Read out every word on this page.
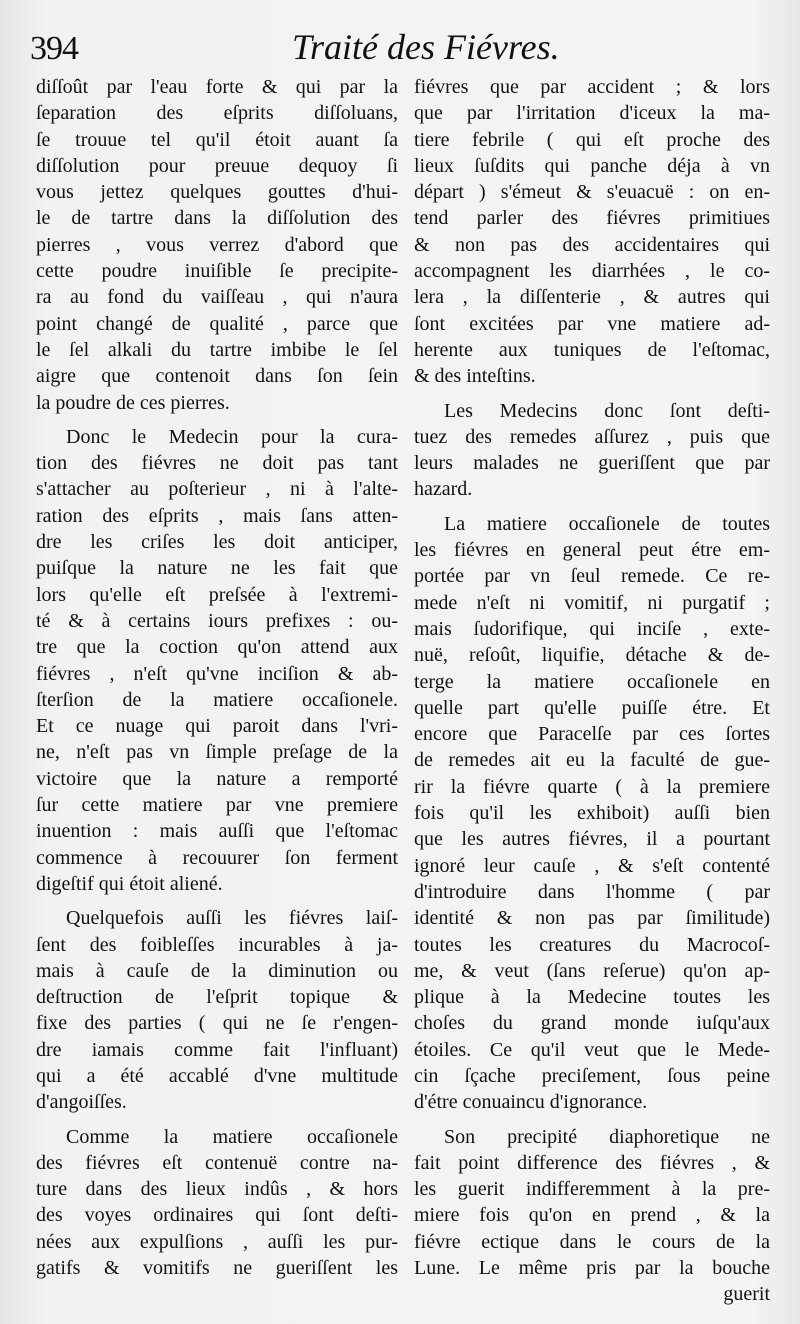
394	Traité des Fiévres.
diſſoût par l'eau forte & qui par la
ſeparation des eſprits diſſoluans,
ſe trouue tel qu'il étoit auant ſa
diſſolution pour preuue dequoy ſi
vous jettez quelques gouttes d'hui-
le de tartre dans la diſſolution des
pierres , vous verrez d'abord que
cette poudre inuiſible ſe precipite-
ra au fond du vaiſſeau , qui n'aura
point changé de qualité , parce que
le ſel alkali du tartre imbibe le ſel
aigre que contenoit dans ſon ſein
la poudre de ces pierres.
Donc le Medecin pour la cura-
tion des fiévres ne doit pas tant
s'attacher au poſterieur , ni à l'alte-
ration des eſprits , mais ſans atten-
dre les criſes les doit anticiper,
puiſque la nature ne les fait que
lors qu'elle eſt preſsée à l'extremi-
té & à certains iours prefixes : ou-
tre que la coction qu'on attend aux
fiévres , n'eſt qu'vne inciſion & ab-
ſterſion de la matiere occaſionele.
Et ce nuage qui paroit dans l'vri-
ne, n'eſt pas vn ſimple preſage de la
victoire que la nature a remporté
ſur cette matiere par vne premiere
inuention : mais auſſi que l'eſtomac
commence à recouurer ſon ferment
digeſtif qui étoit aliené.
Quelquefois auſſi les fiévres laiſ-
ſent des foibleſſes incurables à ja-
mais à cauſe de la diminution ou
deſtruction de l'eſprit topique &
fixe des parties ( qui ne ſe r'engen-
dre iamais comme fait l'influant)
qui a été accablé d'vne multitude
d'angoiſſes.
Comme la matiere occaſionele
des fiévres eſt contenuë contre na-
ture dans des lieux indûs , & hors
des voyes ordinaires qui ſont deſti-
nées aux expulſions , auſſi les pur-
gatifs & vomitifs ne gueriſſent les
fiévres que par accident ; & lors
que par l'irritation d'iceux la ma-
tiere febrile ( qui eſt proche des
lieux ſuſdits qui panche déja à vn
départ ) s'émeut & s'euacuë : on en-
tend parler des fiévres primitiues
& non pas des accidentaires qui
accompagnent les diarrhées , le co-
lera , la diſſenterie , & autres qui
ſont excitées par vne matiere ad-
herente aux tuniques de l'eſtomac,
& des inteſtins.
Les Medecins donc ſont deſti-
tuez des remedes aſſurez , puis que
leurs malades ne gueriſſent que par
hazard.
La matiere occaſionele de toutes
les fiévres en general peut étre em-
portée par vn ſeul remede. Ce re-
mede n'eſt ni vomitif, ni purgatif ;
mais ſudorifique, qui inciſe , exte-
nuë, reſoût, liquifie, détache & de-
terge la matiere occaſionele en
quelle part qu'elle puiſſe étre. Et
encore que Paracelſe par ces ſortes
de remedes ait eu la faculté de gue-
rir la fiévre quarte ( à la premiere
fois qu'il les exhiboit) auſſi bien
que les autres fiévres, il a pourtant
ignoré leur cauſe , & s'eſt contenté
d'introduire dans l'homme ( par
identité & non pas par ſimilitude)
toutes les creatures du Macrocoſ-
me, & veut (ſans reſerue) qu'on ap-
plique à la Medecine toutes les
choſes du grand monde iuſqu'aux
étoiles. Ce qu'il veut que le Mede-
cin ſçache preciſement, ſous peine
d'étre conuaincu d'ignorance.
Son precipité diaphoretique ne
fait point difference des fiévres , &
les guerit indifferemment à la pre-
miere fois qu'on en prend , & la
fiévre ectique dans le cours de la
Lune. Le même pris par la bouche
guerit
